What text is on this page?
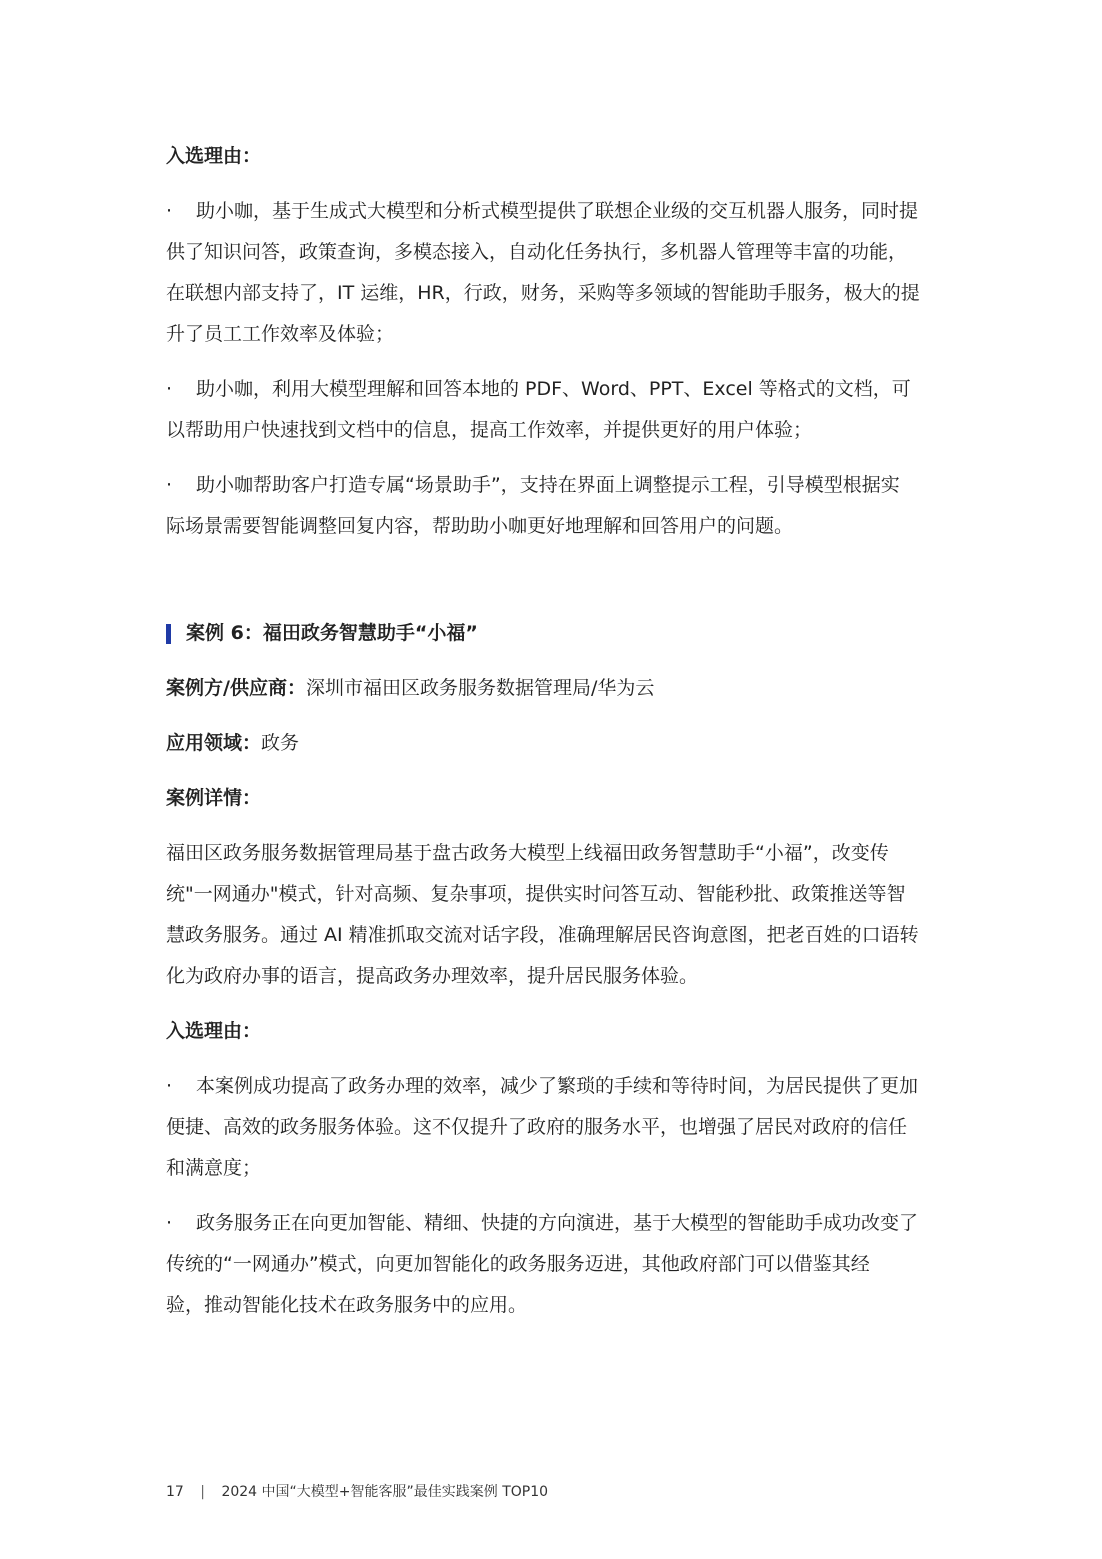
入选理由：

· 助小咖，基于生成式大模型和分析式模型提供了联想企业级的交互机器人服务，同时提
供了知识问答，政策查询，多模态接入，自动化任务执行，多机器人管理等丰富的功能，
在联想内部支持了，IT 运维，HR，行政，财务，采购等多领域的智能助手服务，极大的提
升了员工工作效率及体验；
· 助小咖，利用大模型理解和回答本地的 PDF、Word、PPT、Excel 等格式的文档，可
以帮助用户快速找到文档中的信息，提高工作效率，并提供更好的用户体验；
· 助小咖帮助客户打造专属“场景助手”，支持在界面上调整提示工程，引导模型根据实
际场景需要智能调整回复内容，帮助助小咖更好地理解和回答用户的问题。
案例 6：福田政务智慧助手“小福”
案例方/供应商：深圳市福田区政务服务数据管理局/华为云
应用领域：政务

案例详情：

福田区政务服务数据管理局基于盘古政务大模型上线福田政务智慧助手“小福”，改变传
统"一网通办"模式，针对高频、复杂事项，提供实时问答互动、智能秒批、政策推送等智
慧政务服务。通过 AI 精准抓取交流对话字段，准确理解居民咨询意图，把老百姓的口语转
化为政府办事的语言，提高政务办理效率，提升居民服务体验。

入选理由：

· 本案例成功提高了政务办理的效率，减少了繁琐的手续和等待时间，为居民提供了更加
便捷、高效的政务服务体验。这不仅提升了政府的服务水平，也增强了居民对政府的信任
和满意度；
· 政务服务正在向更加智能、精细、快捷的方向演进，基于大模型的智能助手成功改变了
传统的“一网通办”模式，向更加智能化的政务服务迈进，其他政府部门可以借鉴其经
验，推动智能化技术在政务服务中的应用。
17 | 2024 中国“大模型+智能客服”最佳实践案例 TOP10
